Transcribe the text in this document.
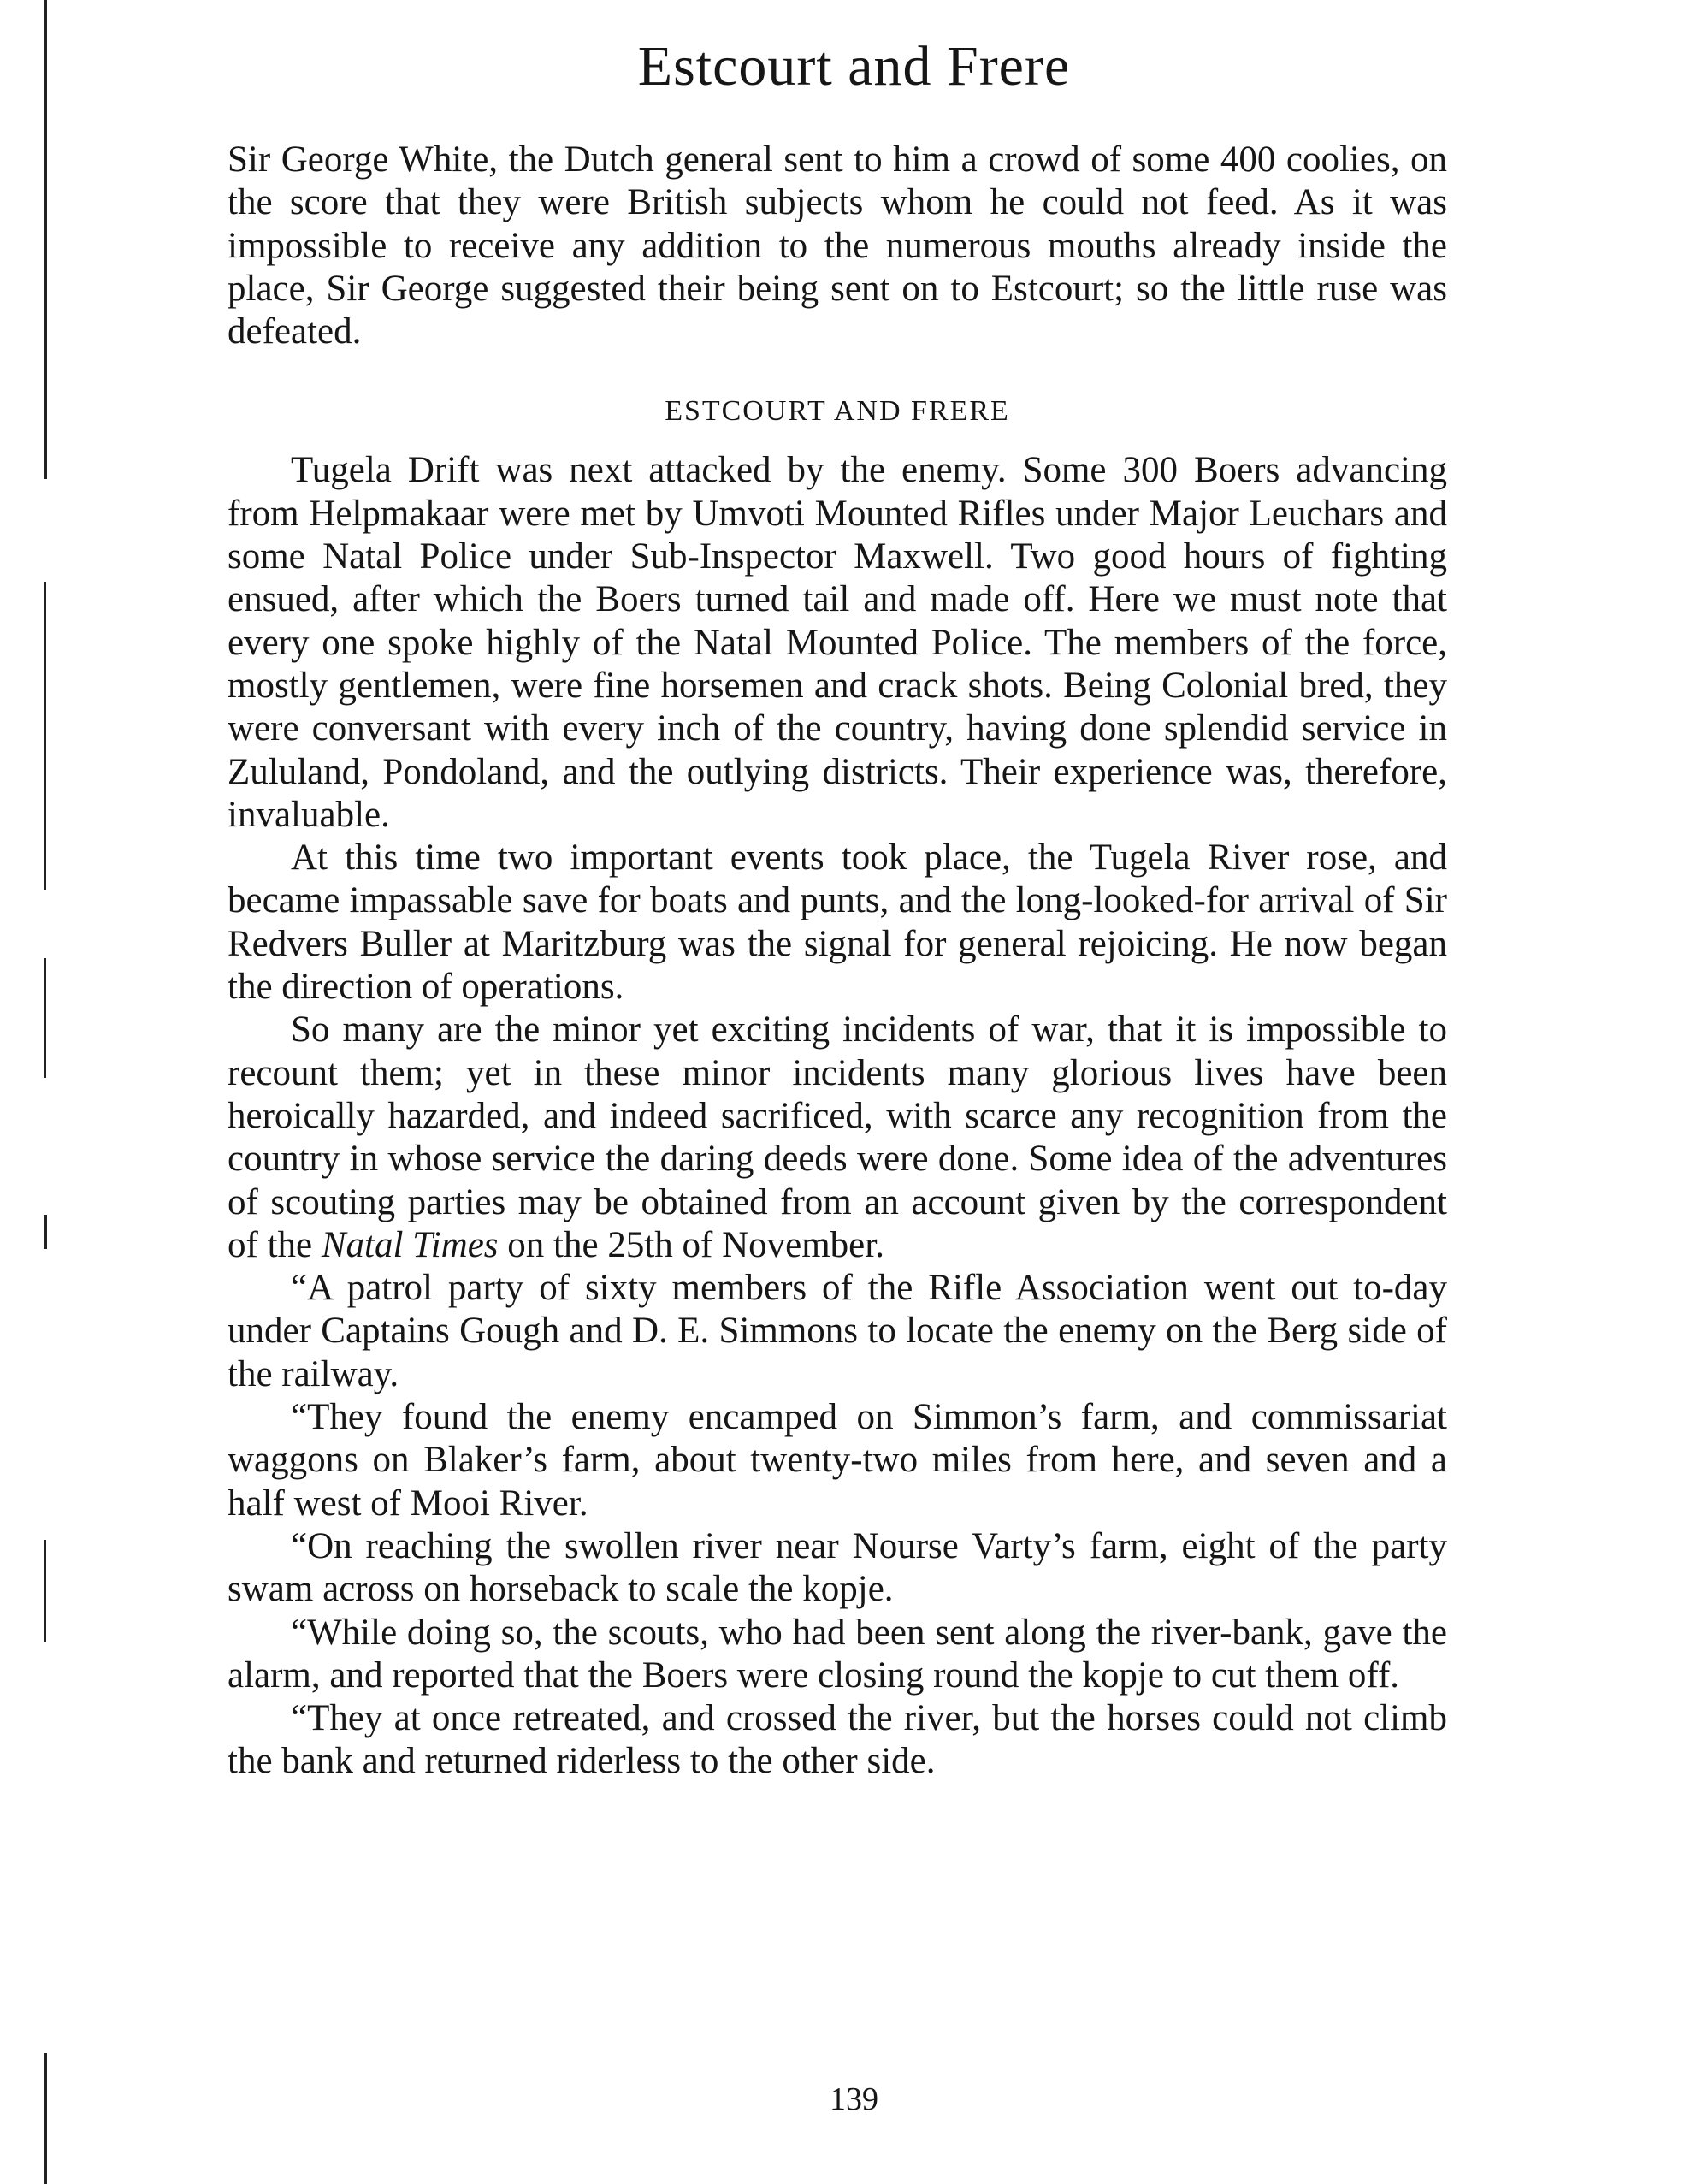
Estcourt and Frere

Sir George White, the Dutch general sent to him a crowd of some 400 coolies, on the score that they were British subjects whom he could not feed. As it was impossible to receive any addition to the numerous mouths already inside the place, Sir George suggested their being sent on to Estcourt; so the little ruse was defeated.

ESTCOURT AND FRERE

Tugela Drift was next attacked by the enemy. Some 300 Boers advancing from Helpmakaar were met by Umvoti Mounted Rifles under Major Leuchars and some Natal Police under Sub-Inspector Maxwell. Two good hours of fighting ensued, after which the Boers turned tail and made off. Here we must note that every one spoke highly of the Natal Mounted Police. The members of the force, mostly gentlemen, were fine horsemen and crack shots. Being Colonial bred, they were conversant with every inch of the country, having done splendid service in Zululand, Pondoland, and the outlying districts. Their experience was, therefore, invaluable.

At this time two important events took place, the Tugela River rose, and became impassable save for boats and punts, and the long-looked-for arrival of Sir Redvers Buller at Maritzburg was the signal for general rejoicing. He now began the direction of operations.

So many are the minor yet exciting incidents of war, that it is impossible to recount them; yet in these minor incidents many glorious lives have been heroically hazarded, and indeed sacrificed, with scarce any recognition from the country in whose service the daring deeds were done. Some idea of the adventures of scouting parties may be obtained from an account given by the correspondent of the Natal Times on the 25th of November.

“A patrol party of sixty members of the Rifle Association went out to-day under Captains Gough and D. E. Simmons to locate the enemy on the Berg side of the railway.

“They found the enemy encamped on Simmon’s farm, and commissariat waggons on Blaker’s farm, about twenty-two miles from here, and seven and a half west of Mooi River.

“On reaching the swollen river near Nourse Varty’s farm, eight of the party swam across on horseback to scale the kopje.

“While doing so, the scouts, who had been sent along the river-bank, gave the alarm, and reported that the Boers were closing round the kopje to cut them off.

“They at once retreated, and crossed the river, but the horses could not climb the bank and returned riderless to the other side.

139
